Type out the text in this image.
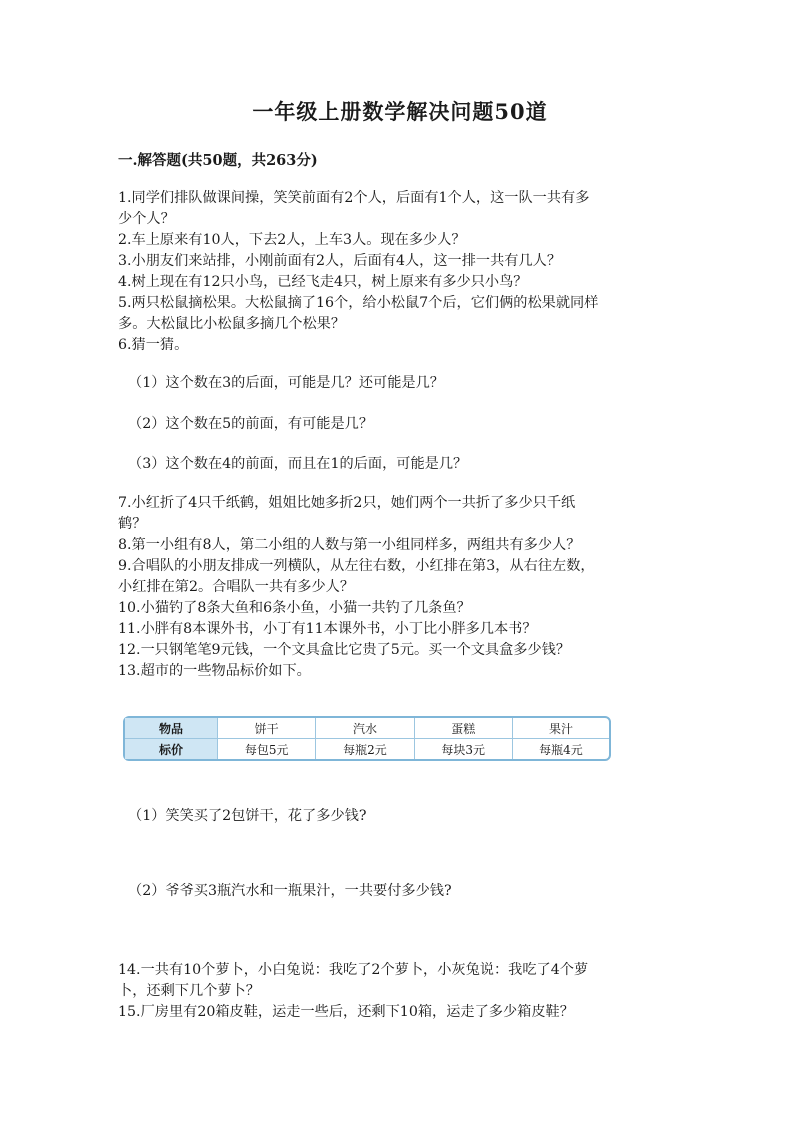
一年级上册数学解决问题50道
一.解答题(共50题，共263分)
1.同学们排队做课间操，笑笑前面有2个人，后面有1个人，这一队一共有多
少个人？
2.车上原来有10人，下去2人，上车3人。现在多少人？
3.小朋友们来站排，小刚前面有2人，后面有4人，这一排一共有几人？
4.树上现在有12只小鸟，已经飞走4只，树上原来有多少只小鸟？
5.两只松鼠摘松果。大松鼠摘了16个，给小松鼠7个后，它们俩的松果就同样
多。大松鼠比小松鼠多摘几个松果？
6.猜一猜。
（1）这个数在3的后面，可能是几？还可能是几？
（2）这个数在5的前面，有可能是几？
（3）这个数在4的前面，而且在1的后面，可能是几？
7.小红折了4只千纸鹤，姐姐比她多折2只，她们两个一共折了多少只千纸
鹤？
8.第一小组有8人，第二小组的人数与第一小组同样多，两组共有多少人？
9.合唱队的小朋友排成一列横队，从左往右数，小红排在第3，从右往左数，
小红排在第2。合唱队一共有多少人？
10.小猫钓了8条大鱼和6条小鱼，小猫一共钓了几条鱼？
11.小胖有8本课外书，小丁有11本课外书，小丁比小胖多几本书？
12.一只钢笔笔9元钱，一个文具盒比它贵了5元。买一个文具盒多少钱？
13.超市的一些物品标价如下。
物品	饼干	汽水	蛋糕	果汁
标价	每包5元	每瓶2元	每块3元	每瓶4元
（1）笑笑买了2包饼干，花了多少钱?
（2）爷爷买3瓶汽水和一瓶果汁，一共要付多少钱?
14.一共有10个萝卜，小白兔说：我吃了2个萝卜，小灰兔说：我吃了4个萝
卜，还剩下几个萝卜？
15.厂房里有20箱皮鞋，运走一些后，还剩下10箱，运走了多少箱皮鞋？
